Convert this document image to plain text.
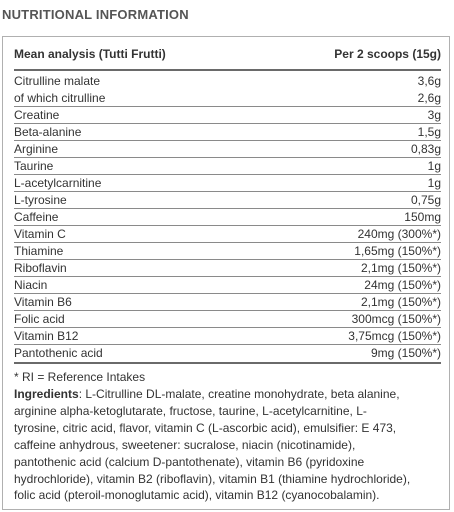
NUTRITIONAL INFORMATION
Mean analysis (Tutti Frutti)	Per 2 scoops (15g)
Citrulline malate	3,6g
of which citrulline	2,6g
Creatine	3g
Beta-alanine	1,5g
Arginine	0,83g
Taurine	1g
L-acetylcarnitine	1g
L-tyrosine	0,75g
Caffeine	150mg
Vitamin C	240mg (300%*)
Thiamine	1,65mg (150%*)
Riboflavin	2,1mg (150%*)
Niacin	24mg (150%*)
Vitamin B6	2,1mg (150%*)
Folic acid	300mcg (150%*)
Vitamin B12	3,75mcg (150%*)
Pantothenic acid	9mg (150%*)
* RI = Reference Intakes
Ingredients: L-Citrulline DL-malate, creatine monohydrate, beta alanine,
arginine alpha-ketoglutarate, fructose, taurine, L-acetylcarnitine, L-
tyrosine, citric acid, flavor, vitamin C (L-ascorbic acid), emulsifier: E 473,
caffeine anhydrous, sweetener: sucralose, niacin (nicotinamide),
pantothenic acid (calcium D-pantothenate), vitamin B6 (pyridoxine
hydrochloride), vitamin B2 (riboflavin), vitamin B1 (thiamine hydrochloride),
folic acid (pteroil-monoglutamic acid), vitamin B12 (cyanocobalamin).
